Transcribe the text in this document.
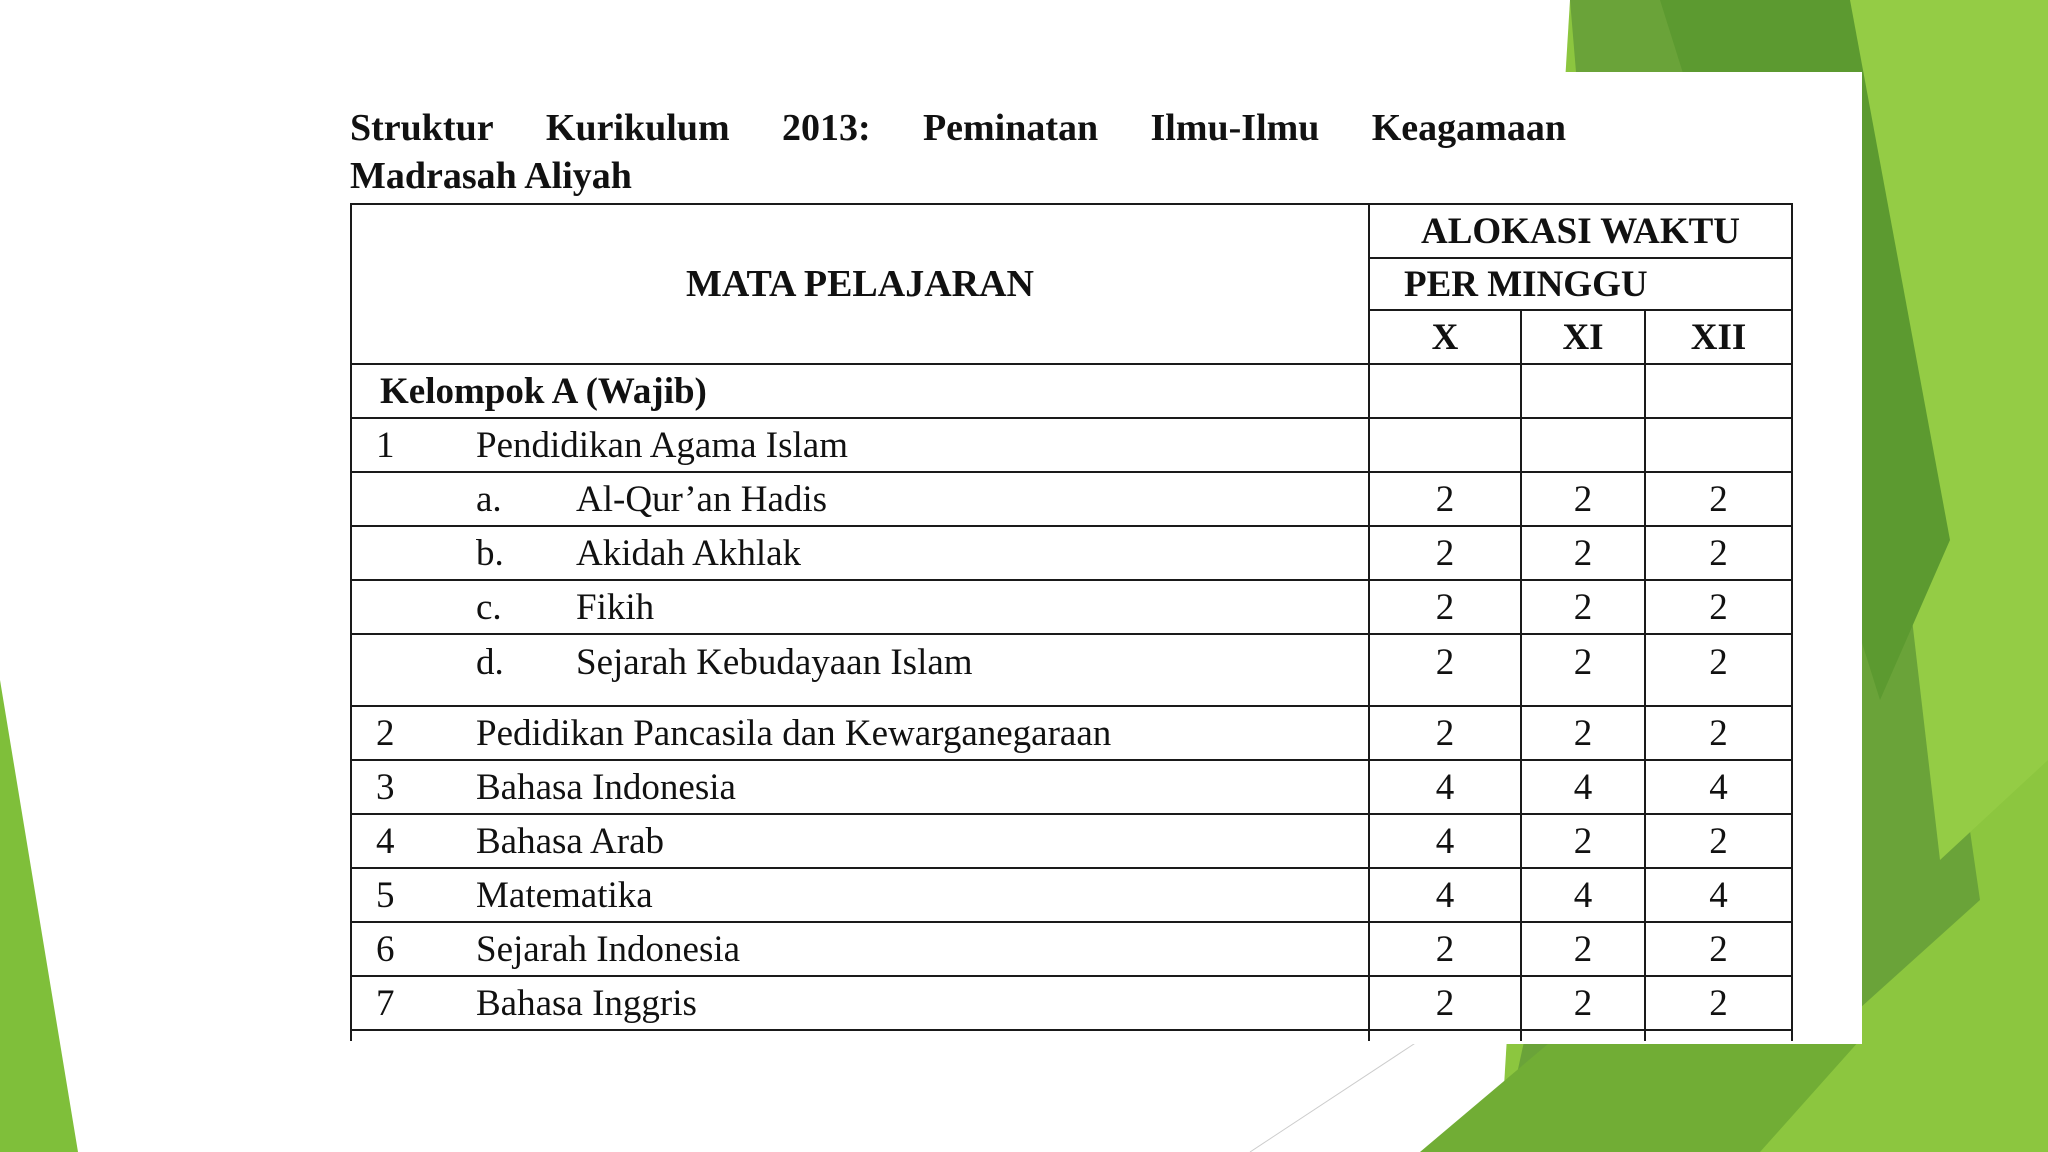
Struktur Kurikulum 2013: Peminatan Ilmu-Ilmu Keagamaan
Madrasah Aliyah
MATA PELAJARAN	ALOKASI WAKTU		
	PER MINGGU		
	X	XI	XII
Kelompok A (Wajib)			
1 Pendidikan Agama Islam			
a. Al-Qur’an Hadis	2	2	2
b. Akidah Akhlak	2	2	2
c. Fikih	2	2	2
d. Sejarah Kebudayaan Islam	2	2	2
2 Pedidikan Pancasila dan Kewarganegaraan	2	2	2
3 Bahasa Indonesia	4	4	4
4 Bahasa Arab	4	2	2
5 Matematika	4	4	4
6 Sejarah Indonesia	2	2	2
7 Bahasa Inggris	2	2	2
